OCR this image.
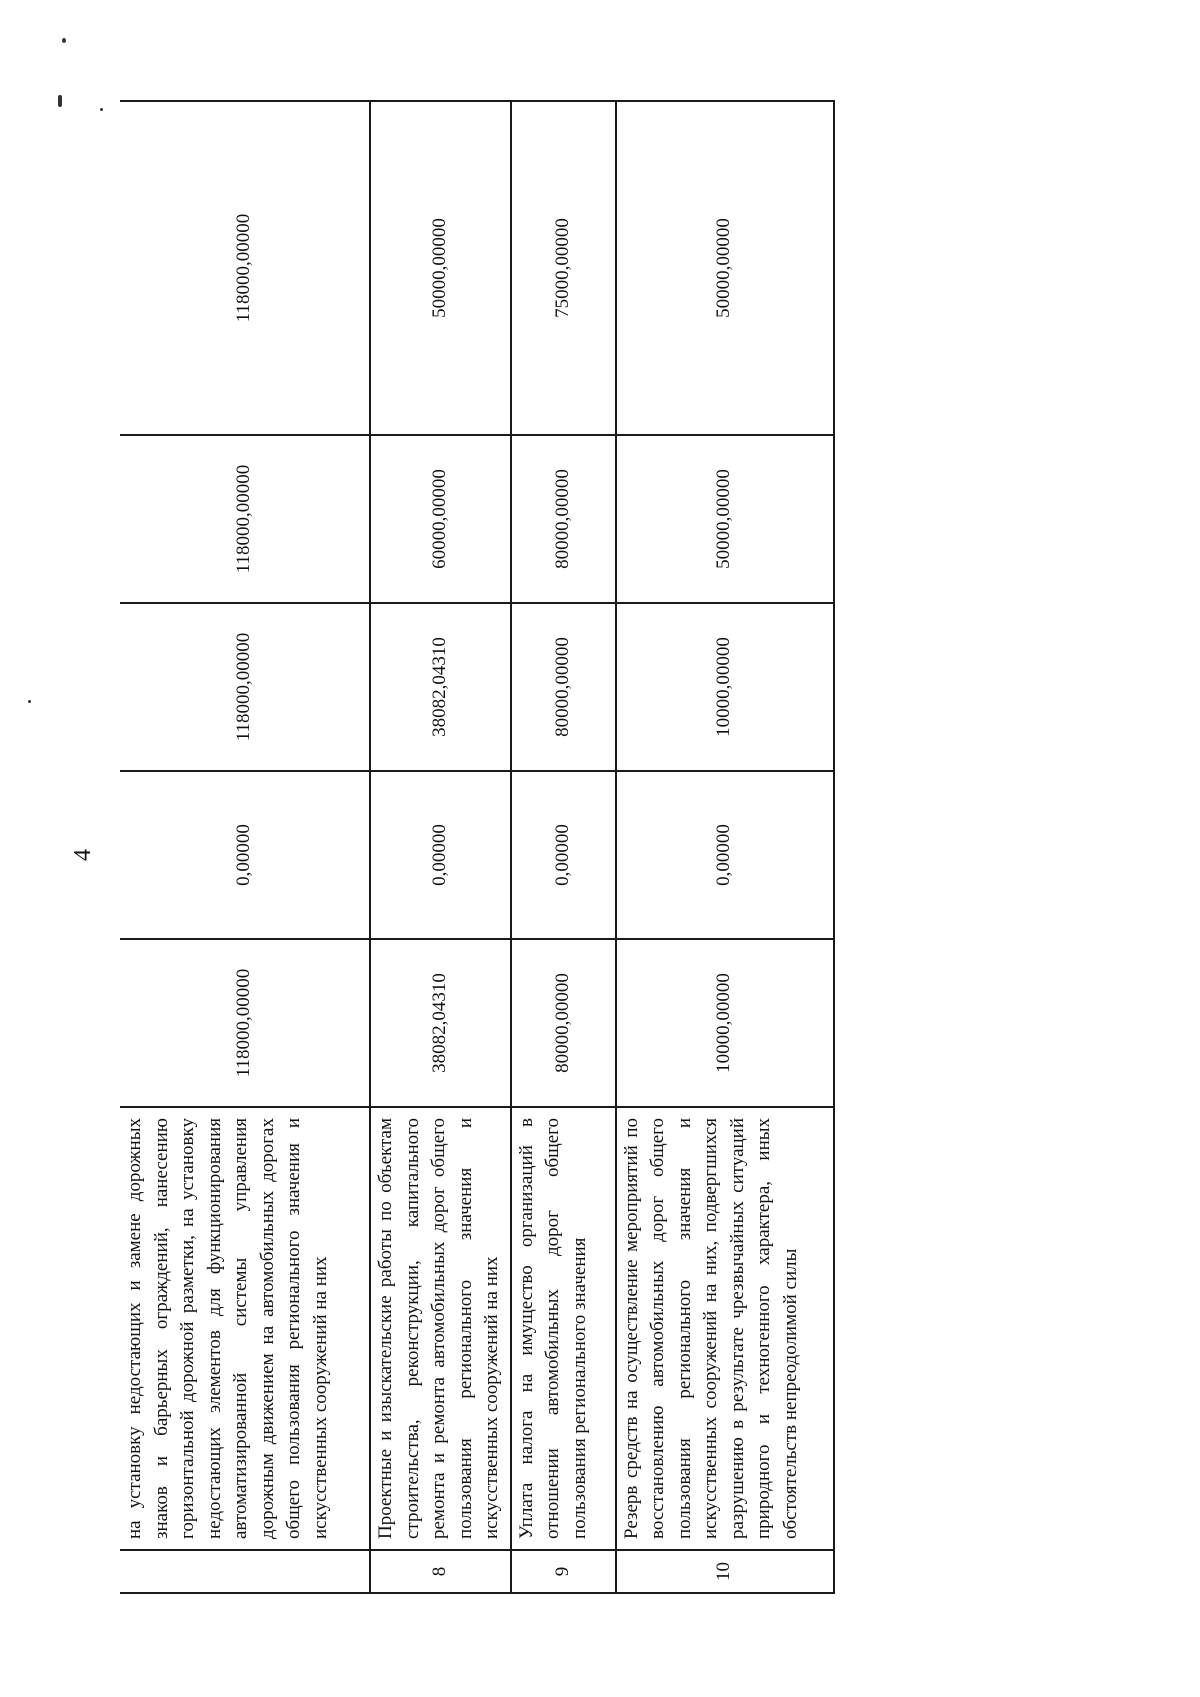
4
	на установку недостающих и замене дорожных знаков и барьерных ограждений, нанесению горизонтальной дорожной разметки, на установку недостающих элементов для функционирования автоматизированной системы управления дорожным движением на автомобильных дорогах общего пользования регионального значения и искусственных сооружений на них	118000,00000	0,00000	118000,00000	118000,00000	118000,00000
8	Проектные и изыскательские работы по объектам строительства, реконструкции, капитального ремонта и ремонта автомобильных дорог общего пользования регионального значения и искусственных сооружений на них	38082,04310	0,00000	38082,04310	60000,00000	50000,00000
9	Уплата налога на имущество организаций в отношении автомобильных дорог общего пользования регионального значения	80000,00000	0,00000	80000,00000	80000,00000	75000,00000
10	Резерв средств на осуществление мероприятий по восстановлению автомобильных дорог общего пользования регионального значения и искусственных сооружений на них, подвергшихся разрушению в результате чрезвычайных ситуаций природного и техногенного характера, иных обстоятельств непреодолимой силы	10000,00000	0,00000	10000,00000	50000,00000	50000,00000
